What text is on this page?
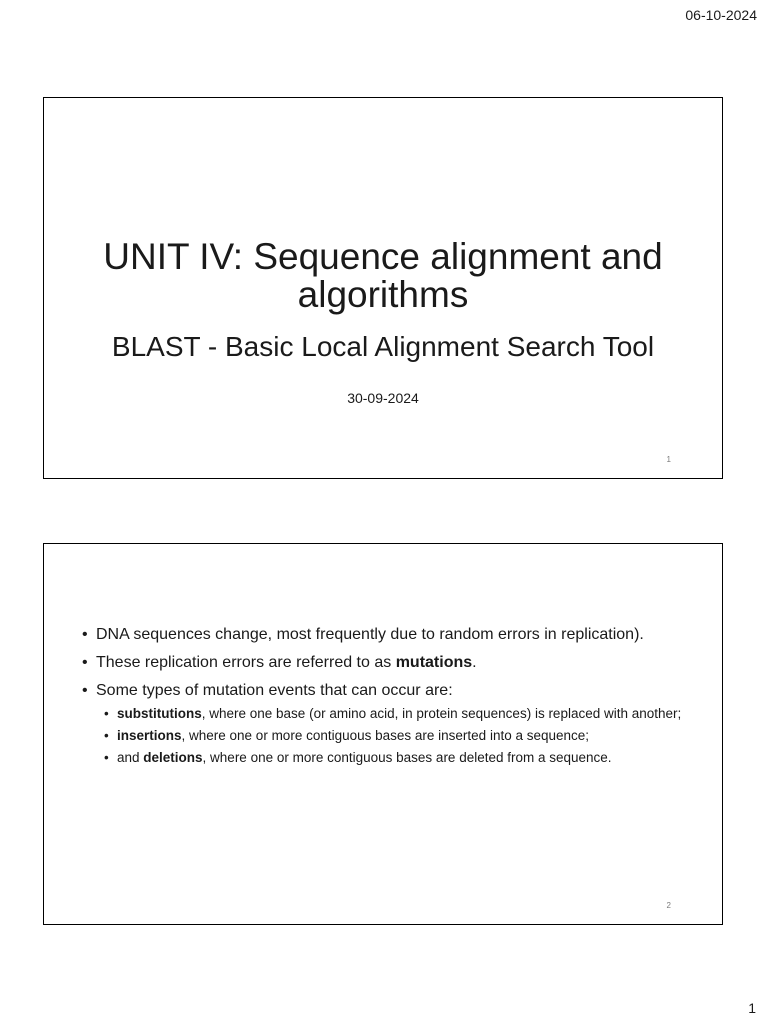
06-10-2024
UNIT IV: Sequence alignment and algorithms
BLAST - Basic Local Alignment Search Tool
30-09-2024
1
• DNA sequences change, most frequently due to random errors in replication).
• These replication errors are referred to as mutations.
• Some types of mutation events that can occur are:
• substitutions, where one base (or amino acid, in protein sequences) is replaced with another;
• insertions, where one or more contiguous bases are inserted into a sequence;
• and deletions, where one or more contiguous bases are deleted from a sequence.
2
1
